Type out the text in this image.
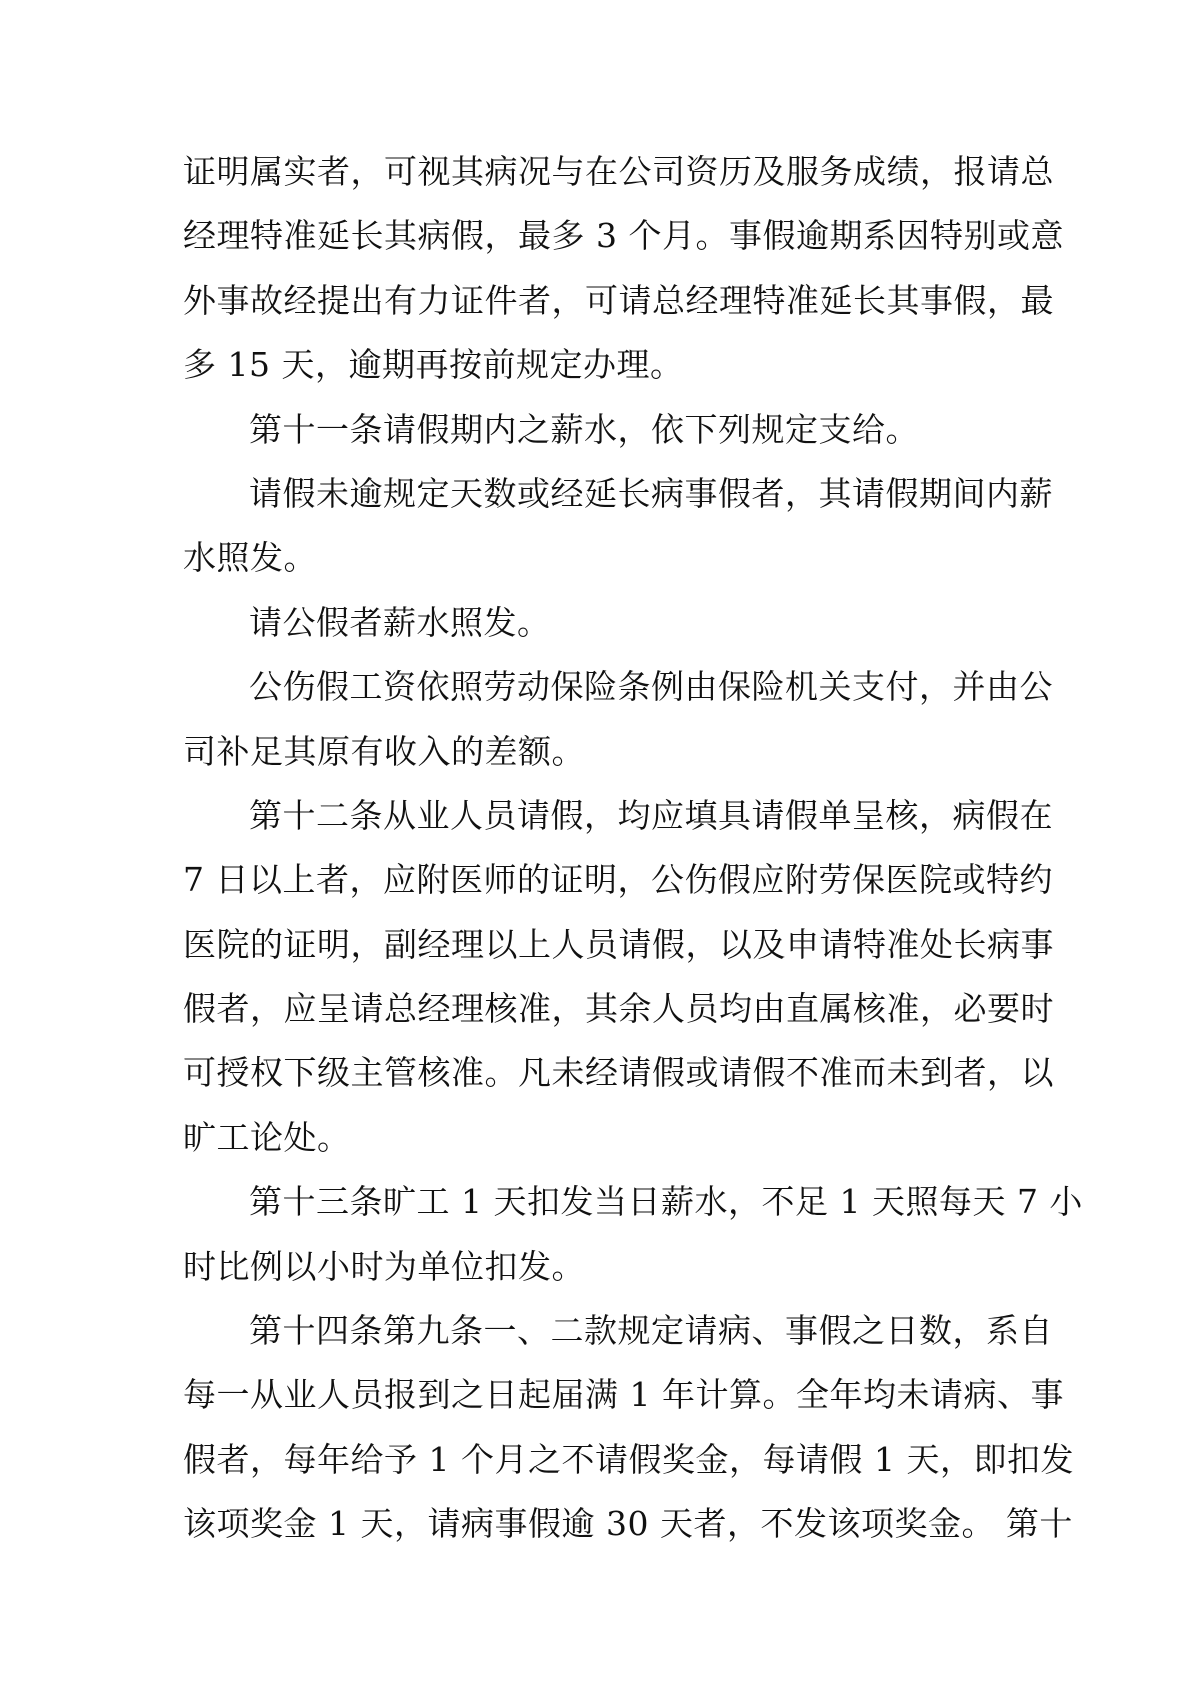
证明属实者，可视其病况与在公司资历及服务成绩，报请总
经理特准延长其病假，最多 3 个月。事假逾期系因特别或意
外事故经提出有力证件者，可请总经理特准延长其事假，最
多 15 天，逾期再按前规定办理。
第十一条请假期内之薪水，依下列规定支给。
请假未逾规定天数或经延长病事假者，其请假期间内薪
水照发。
请公假者薪水照发。
公伤假工资依照劳动保险条例由保险机关支付，并由公
司补足其原有收入的差额。
第十二条从业人员请假，均应填具请假单呈核，病假在
7 日以上者，应附医师的证明，公伤假应附劳保医院或特约
医院的证明，副经理以上人员请假，以及申请特准处长病事
假者，应呈请总经理核准，其余人员均由直属核准，必要时
可授权下级主管核准。凡未经请假或请假不准而未到者，以
旷工论处。
第十三条旷工 1 天扣发当日薪水，不足 1 天照每天 7 小
时比例以小时为单位扣发。
第十四条第九条一、二款规定请病、事假之日数，系自
每一从业人员报到之日起届满 1 年计算。全年均未请病、事
假者，每年给予 1 个月之不请假奖金，每请假 1 天，即扣发
该项奖金 1 天，请病事假逾 30 天者，不发该项奖金。 第十
